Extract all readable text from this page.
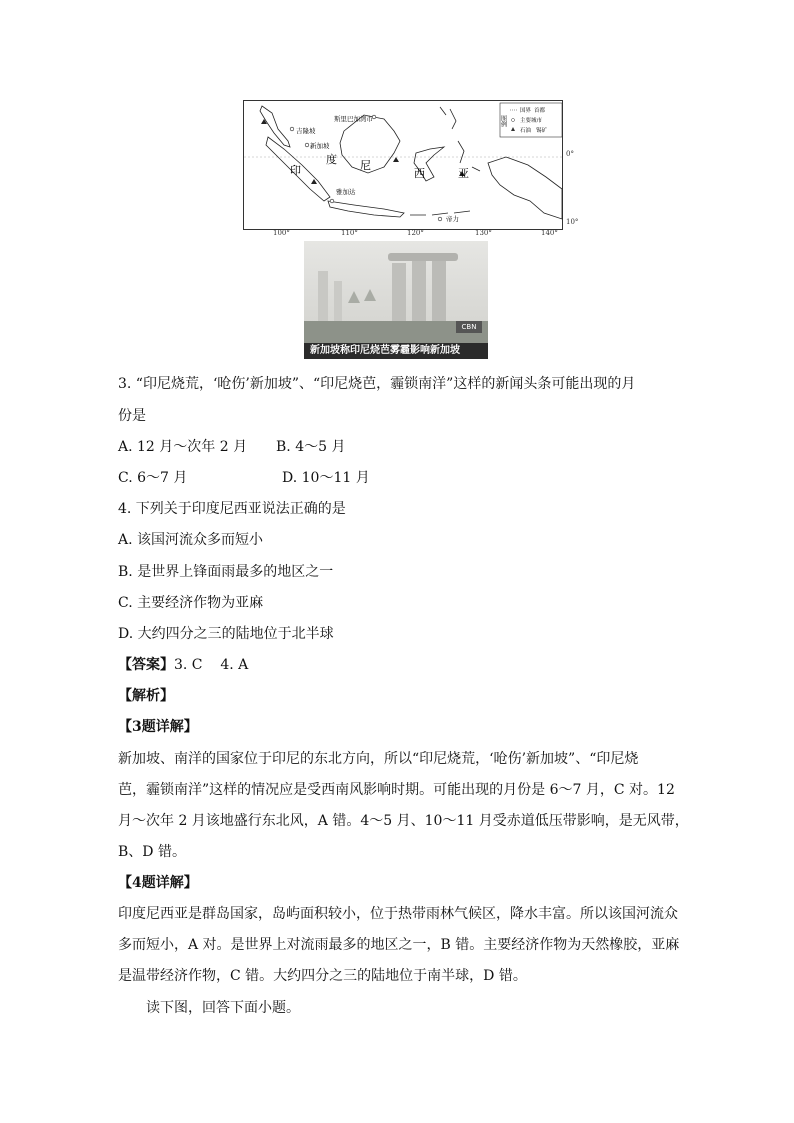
斯里巴加湾市
吉隆坡
新加坡
雅加达
帝力
印
度 尼
西	亚
图例
国界 首都
主要城市
石油 锡矿
0°
10°
100°	110°	120°	130°	140°
CBN
新加坡称印尼烧芭雾霾影响新加坡
3. “印尼烧荒，‘呛伤’新加坡”、“印尼烧芭，霾锁南洋”这样的新闻头条可能出现的月
份是
A. 12 月～次年 2 月 B. 4～5 月
C. 6～7 月	D. 10～11 月
4. 下列关于印度尼西亚说法正确的是
A. 该国河流众多而短小
B. 是世界上锋面雨最多的地区之一
C. 主要经济作物为亚麻
D. 大约四分之三的陆地位于北半球
【答案】3. C    4. A
【解析】
【3题详解】
新加坡、南洋的国家位于印尼的东北方向，所以“印尼烧荒，‘呛伤’新加坡”、“印尼烧
芭，霾锁南洋”这样的情况应是受西南风影响时期。可能出现的月份是 6～7 月，C 对。12
月～次年 2 月该地盛行东北风，A 错。4～5 月、10～11 月受赤道低压带影响，是无风带，
B、D 错。
【4题详解】
印度尼西亚是群岛国家，岛屿面积较小，位于热带雨林气候区，降水丰富。所以该国河流众
多而短小，A 对。是世界上对流雨最多的地区之一，B 错。主要经济作物为天然橡胶，亚麻
是温带经济作物，C 错。大约四分之三的陆地位于南半球，D 错。
读下图，回答下面小题。
